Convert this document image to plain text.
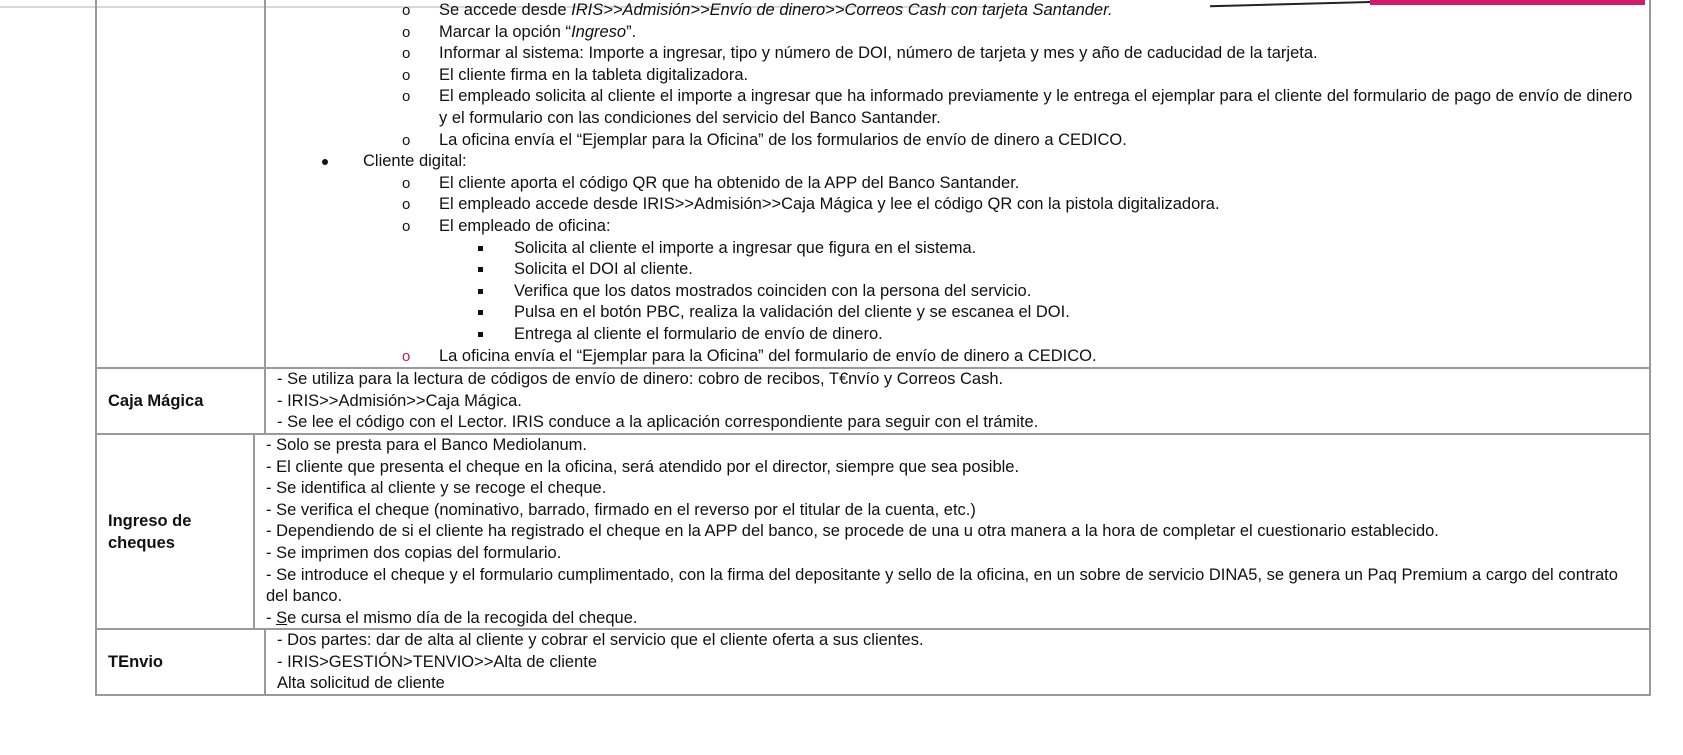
o Se accede desde IRIS>>Admisión>>Envío de dinero>>Correos Cash con tarjeta Santander.
o Marcar la opción “Ingreso”.
o Informar al sistema: Importe a ingresar, tipo y número de DOI, número de tarjeta y mes y año de caducidad de la tarjeta.
o El cliente firma en la tableta digitalizadora.
o El empleado solicita al cliente el importe a ingresar que ha informado previamente y le entrega el ejemplar para el cliente del formulario de pago de envío de dinero y el formulario con las condiciones del servicio del Banco Santander.
o La oficina envía el “Ejemplar para la Oficina” de los formularios de envío de dinero a CEDICO.
Cliente digital:
o El cliente aporta el código QR que ha obtenido de la APP del Banco Santander.
o El empleado accede desde IRIS>>Admisión>>Caja Mágica y lee el código QR con la pistola digitalizadora.
o El empleado de oficina:
Solicita al cliente el importe a ingresar que figura en el sistema.
Solicita el DOI al cliente.
Verifica que los datos mostrados coinciden con la persona del servicio.
Pulsa en el botón PBC, realiza la validación del cliente y se escanea el DOI.
Entrega al cliente el formulario de envío de dinero.
o La oficina envía el “Ejemplar para la Oficina” del formulario de envío de dinero a CEDICO.
Caja Mágica
- Se utiliza para la lectura de códigos de envío de dinero: cobro de recibos, T€nvío y Correos Cash.
- IRIS>>Admisión>>Caja Mágica.
- Se lee el código con el Lector. IRIS conduce a la aplicación correspondiente para seguir con el trámite.
Ingreso de cheques
- Solo se presta para el Banco Mediolanum.
- El cliente que presenta el cheque en la oficina, será atendido por el director, siempre que sea posible.
- Se identifica al cliente y se recoge el cheque.
- Se verifica el cheque (nominativo, barrado, firmado en el reverso por el titular de la cuenta, etc.)
- Dependiendo de si el cliente ha registrado el cheque en la APP del banco, se procede de una u otra manera a la hora de completar el cuestionario establecido.
- Se imprimen dos copias del formulario.
- Se introduce el cheque y el formulario cumplimentado, con la firma del depositante y sello de la oficina, en un sobre de servicio DINA5, se genera un Paq Premium a cargo del contrato del banco.
- Se cursa el mismo día de la recogida del cheque.
TEnvio
- Dos partes: dar de alta al cliente y cobrar el servicio que el cliente oferta a sus clientes.
- IRIS>GESTIÓN>TENVIO>>Alta de cliente
Alta solicitud de cliente
